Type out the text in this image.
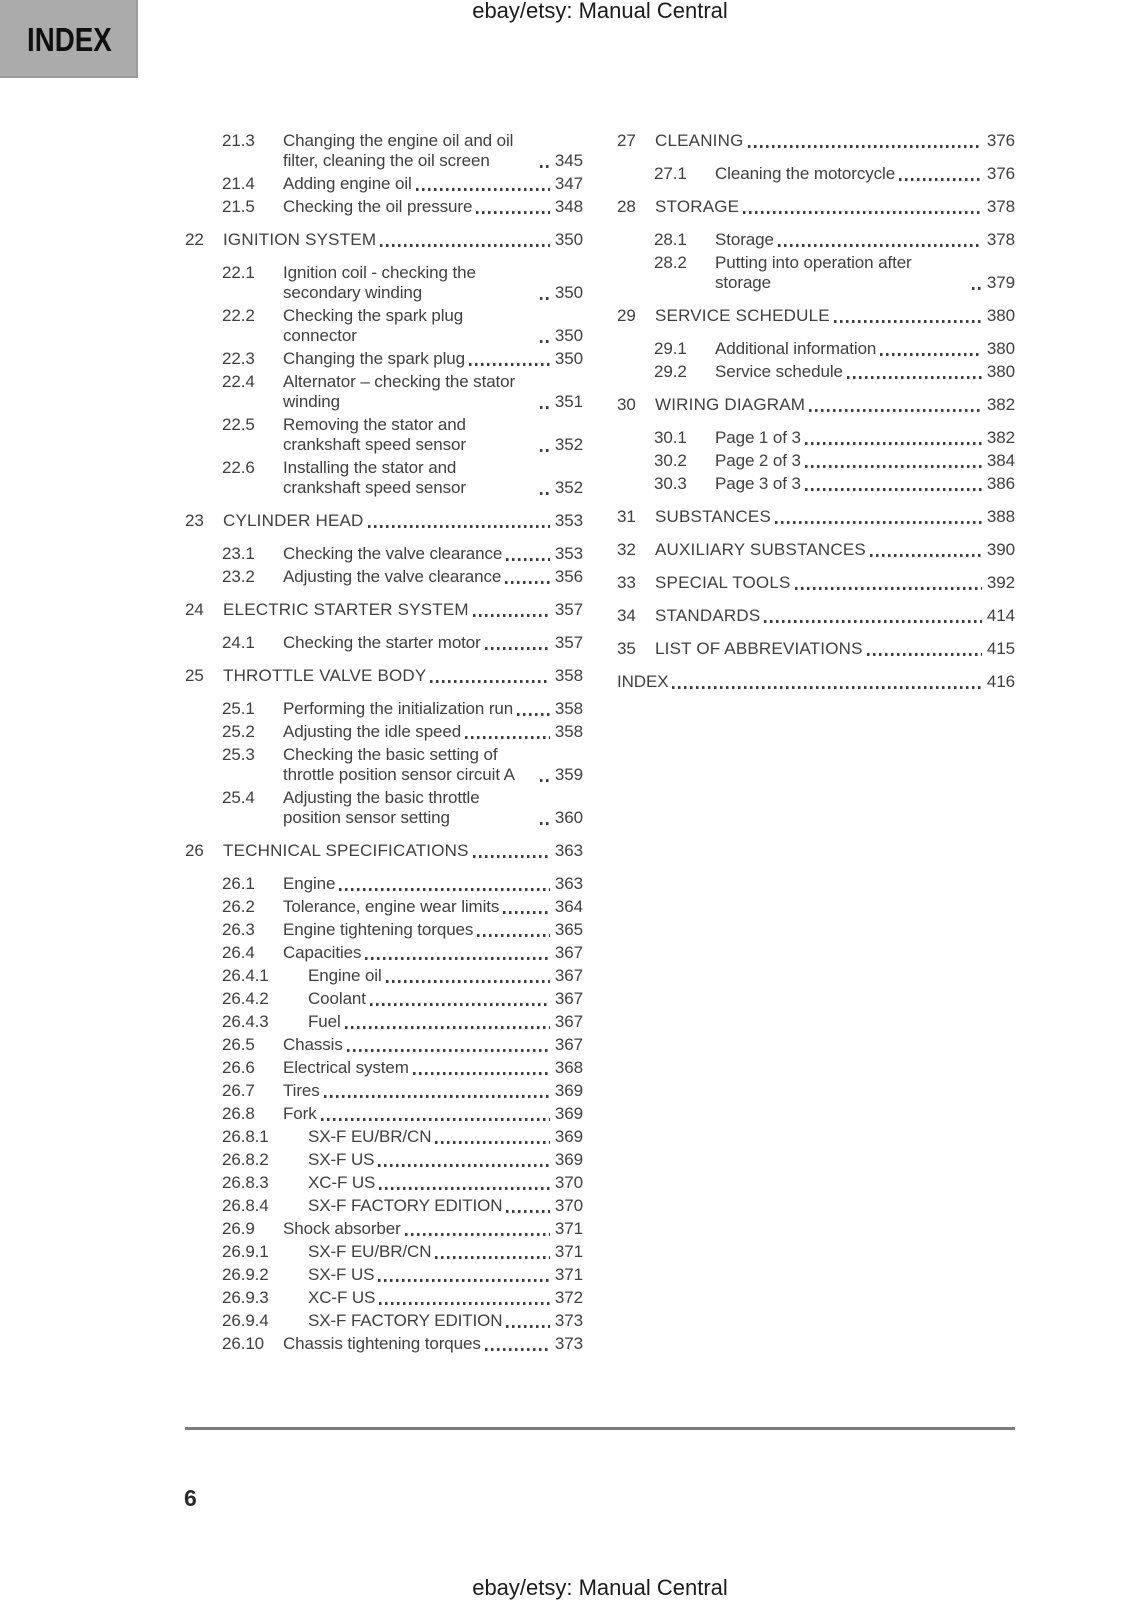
ebay/etsy: Manual Central
INDEX
21.3	Changing the engine oil and oil filter, cleaning the oil screen	345
21.4	Adding engine oil	347
21.5	Checking the oil pressure	348
22	IGNITION SYSTEM	350
22.1	Ignition coil - checking the secondary winding	350
22.2	Checking the spark plug connector	350
22.3	Changing the spark plug	350
22.4	Alternator – checking the stator winding	351
22.5	Removing the stator and crankshaft speed sensor	352
22.6	Installing the stator and crankshaft speed sensor	352
23	CYLINDER HEAD	353
23.1	Checking the valve clearance	353
23.2	Adjusting the valve clearance	356
24	ELECTRIC STARTER SYSTEM	357
24.1	Checking the starter motor	357
25	THROTTLE VALVE BODY	358
25.1	Performing the initialization run 358
25.2	Adjusting the idle speed	358
25.3	Checking the basic setting of throttle position sensor circuit A	359
25.4	Adjusting the basic throttle position sensor setting	360
26	TECHNICAL SPECIFICATIONS	363
26.1	Engine	363
26.2	Tolerance, engine wear limits	364
26.3	Engine tightening torques	365
26.4	Capacities	367
26.4.1	Engine oil	367
26.4.2	Coolant	367
26.4.3	Fuel	367
26.5	Chassis	367
26.6	Electrical system	368
26.7	Tires	369
26.8	Fork	369
26.8.1	SX-F EU/BR/CN	369
26.8.2	SX-F US	369
26.8.3	XC-F US	370
26.8.4	SX-F FACTORY EDITION	370
26.9	Shock absorber	371
26.9.1	SX-F EU/BR/CN	371
26.9.2	SX-F US	371
26.9.3	XC-F US	372
26.9.4	SX-F FACTORY EDITION	373
26.10	Chassis tightening torques	373
27	CLEANING	376
27.1	Cleaning the motorcycle	376
28	STORAGE	378
28.1	Storage	378
28.2	Putting into operation after storage	379
29	SERVICE SCHEDULE	380
29.1	Additional information	380
29.2	Service schedule	380
30	WIRING DIAGRAM	382
30.1	Page 1 of 3	382
30.2	Page 2 of 3	384
30.3	Page 3 of 3	386
31	SUBSTANCES	388
32	AUXILIARY SUBSTANCES	390
33	SPECIAL TOOLS	392
34	STANDARDS	414
35	LIST OF ABBREVIATIONS	415
INDEX	416
6
ebay/etsy: Manual Central
